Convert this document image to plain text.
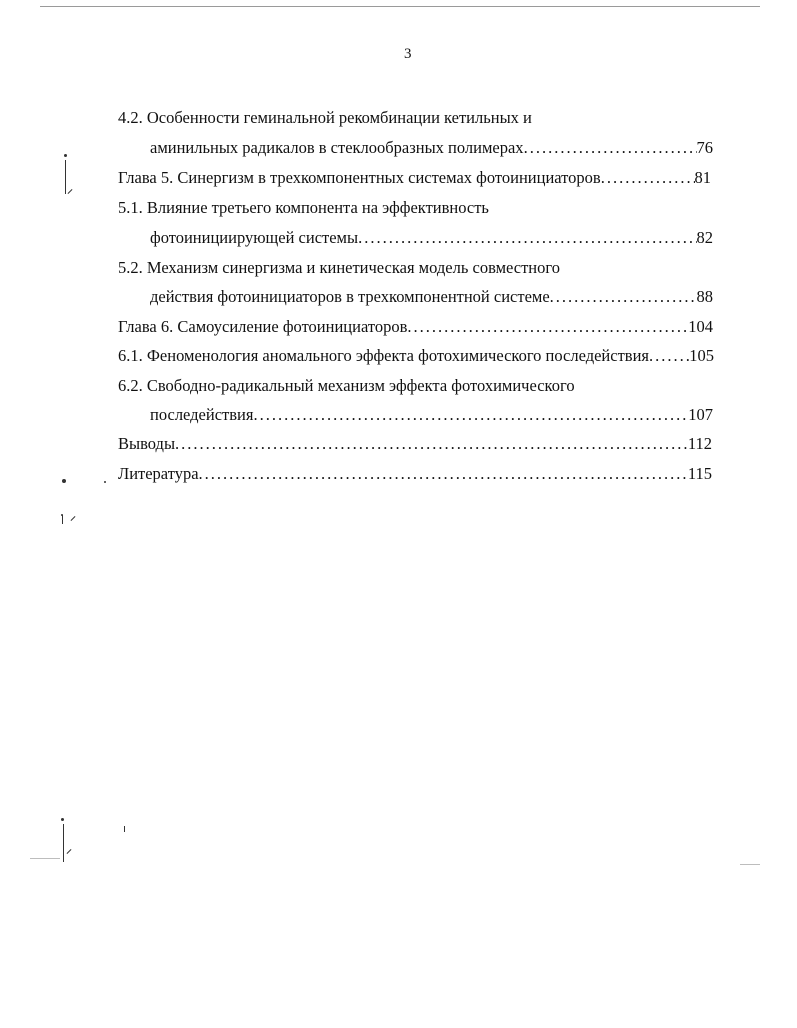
3
4.2. Особенности геминальной рекомбинации кетильных и
аминильных радикалов в стеклообразных полимерах .....	76
Глава 5. Синергизм в трехкомпонентных системах фотоинициаторов .....	81
5.1. Влияние третьего компонента на эффективность
фотоинициирующей системы .....	82
5.2. Механизм синергизма и кинетическая модель совместного
действия фотоинициаторов в трехкомпонентной системе .....	88
Глава 6. Самоусиление фотоинициаторов .....	104
6.1. Феноменология аномального эффекта фотохимического последействия ..... 105
6.2. Свободно-радикальный механизм эффекта фотохимического
последействия .....	107
Выводы .....	112
Литература .....	115
